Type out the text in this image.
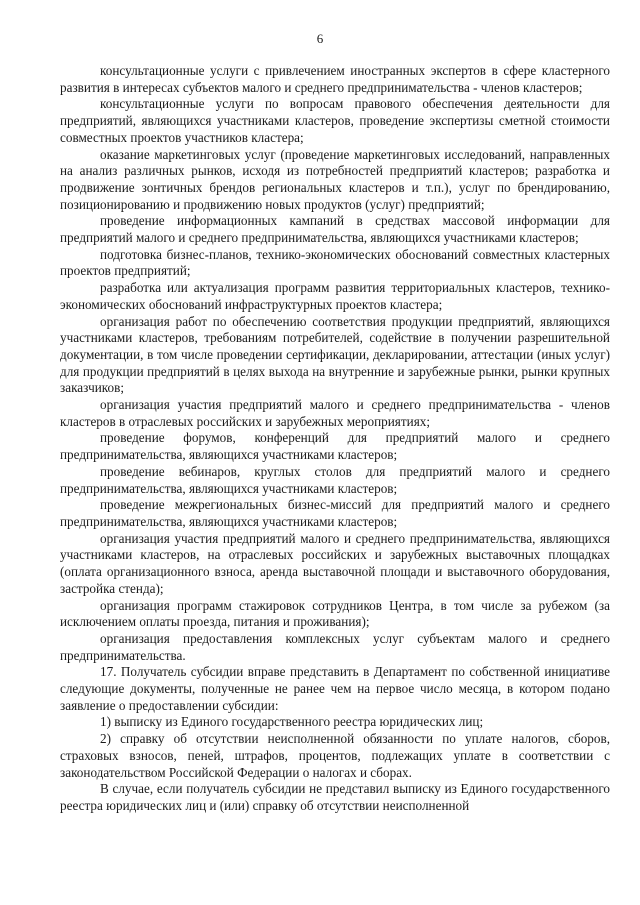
6

консультационные услуги с привлечением иностранных экспертов в сфере кластерного развития в интересах субъектов малого и среднего предпринимательства - членов кластеров;

консультационные услуги по вопросам правового обеспечения деятельности для предприятий, являющихся участниками кластеров, проведение экспертизы сметной стоимости совместных проектов участников кластера;

оказание маркетинговых услуг (проведение маркетинговых исследований, направленных на анализ различных рынков, исходя из потребностей предприятий кластеров; разработка и продвижение зонтичных брендов региональных кластеров и т.п.), услуг по брендированию, позиционированию и продвижению новых продуктов (услуг) предприятий;

проведение информационных кампаний в средствах массовой информации для предприятий малого и среднего предпринимательства, являющихся участниками кластеров;

подготовка бизнес-планов, технико-экономических обоснований совместных кластерных проектов предприятий;

разработка или актуализация программ развития территориальных кластеров, технико-экономических обоснований инфраструктурных проектов кластера;

организация работ по обеспечению соответствия продукции предприятий, являющихся участниками кластеров, требованиям потребителей, содействие в получении разрешительной документации, в том числе проведении сертификации, декларировании, аттестации (иных услуг) для продукции предприятий в целях выхода на внутренние и зарубежные рынки, рынки крупных заказчиков;

организация участия предприятий малого и среднего предпринимательства - членов кластеров в отраслевых российских и зарубежных мероприятиях;

проведение форумов, конференций для предприятий малого и среднего предпринимательства, являющихся участниками кластеров;

проведение вебинаров, круглых столов для предприятий малого и среднего предпринимательства, являющихся участниками кластеров;

проведение межрегиональных бизнес-миссий для предприятий малого и среднего предпринимательства, являющихся участниками кластеров;

организация участия предприятий малого и среднего предпринимательства, являющихся участниками кластеров, на отраслевых российских и зарубежных выставочных площадках (оплата организационного взноса, аренда выставочной площади и выставочного оборудования, застройка стенда);

организация программ стажировок сотрудников Центра, в том числе за рубежом (за исключением оплаты проезда, питания и проживания);

организация предоставления комплексных услуг субъектам малого и среднего предпринимательства.

17. Получатель субсидии вправе представить в Департамент по собственной инициативе следующие документы, полученные не ранее чем на первое число месяца, в котором подано заявление о предоставлении субсидии:

1) выписку из Единого государственного реестра юридических лиц;

2) справку об отсутствии неисполненной обязанности по уплате налогов, сборов, страховых взносов, пеней, штрафов, процентов, подлежащих уплате в соответствии с законодательством Российской Федерации о налогах и сборах.

В случае, если получатель субсидии не представил выписку из Единого государственного реестра юридических лиц и (или) справку об отсутствии неисполненной
